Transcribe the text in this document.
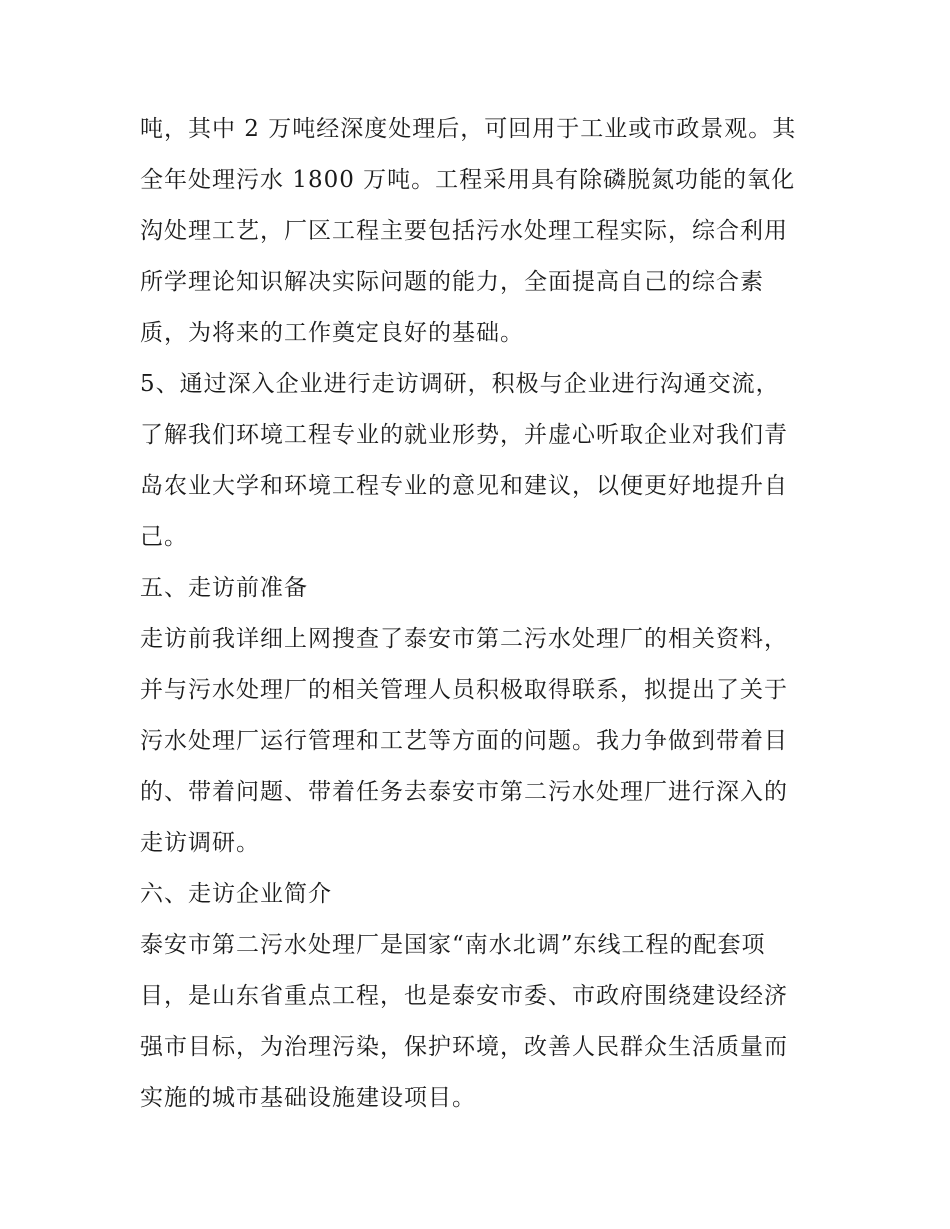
吨，其中 2 万吨经深度处理后，可回用于工业或市政景观。其
全年处理污水 1800 万吨。工程采用具有除磷脱氮功能的氧化
沟处理工艺，厂区工程主要包括污水处理工程实际，综合利用
所学理论知识解决实际问题的能力，全面提高自己的综合素
质，为将来的工作奠定良好的基础。
5、通过深入企业进行走访调研，积极与企业进行沟通交流，
了解我们环境工程专业的就业形势，并虚心听取企业对我们青
岛农业大学和环境工程专业的意见和建议，以便更好地提升自
己。
五、走访前准备
走访前我详细上网搜查了泰安市第二污水处理厂的相关资料，
并与污水处理厂的相关管理人员积极取得联系，拟提出了关于
污水处理厂运行管理和工艺等方面的问题。我力争做到带着目
的、带着问题、带着任务去泰安市第二污水处理厂进行深入的
走访调研。
六、走访企业简介
泰安市第二污水处理厂是国家“南水北调”东线工程的配套项
目，是山东省重点工程，也是泰安市委、市政府围绕建设经济
强市目标，为治理污染，保护环境，改善人民群众生活质量而
实施的城市基础设施建设项目。
